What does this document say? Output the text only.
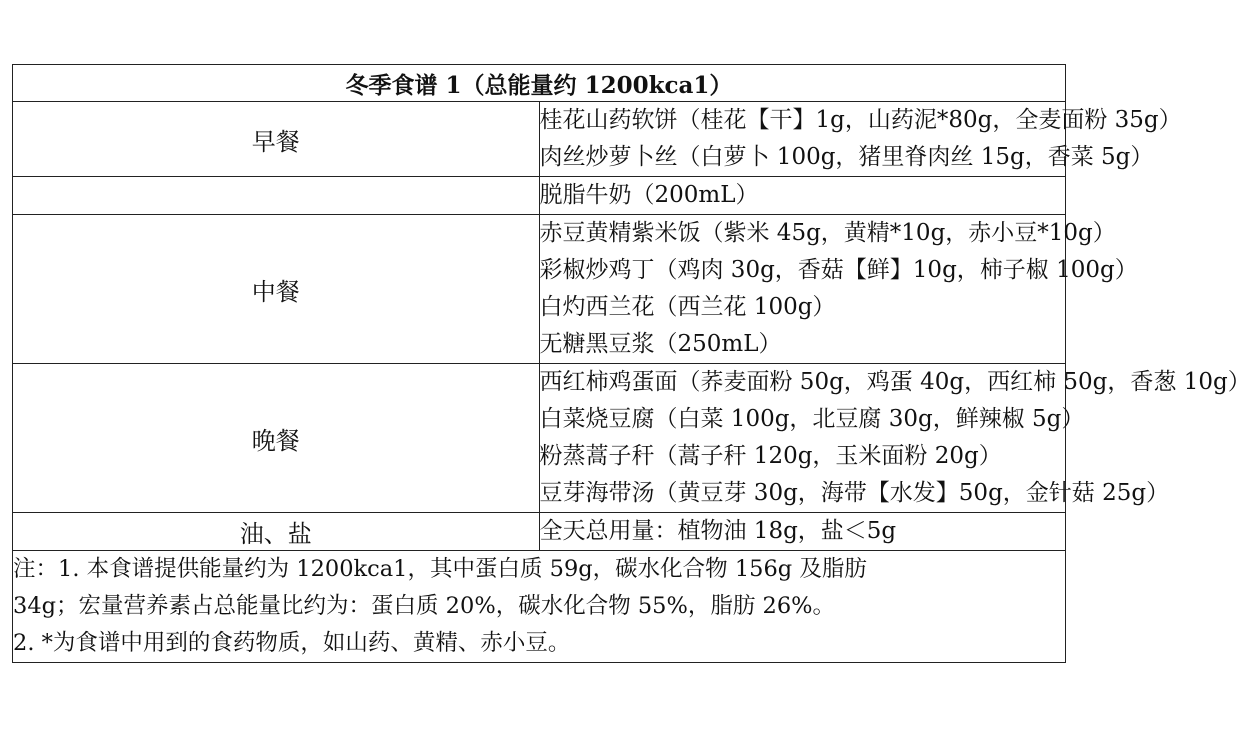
冬季食谱 1（总能量约 1200kca1）	
早餐	桂花山药软饼（桂花【干】1g，山药泥*80g，全麦面粉 35g）
肉丝炒萝卜丝（白萝卜 100g，猪里脊肉丝 15g，香菜 5g）

	脱脂牛奶（200mL）

中餐	赤豆黄精紫米饭（紫米 45g，黄精*10g，赤小豆*10g）
彩椒炒鸡丁（鸡肉 30g，香菇【鲜】10g，柿子椒 100g）
白灼西兰花（西兰花 100g）
无糖黑豆浆（250mL）

晚餐	西红柿鸡蛋面（荞麦面粉 50g，鸡蛋 40g，西红柿 50g，香葱 10g）
白菜烧豆腐（白菜 100g，北豆腐 30g，鲜辣椒 5g）
粉蒸蒿子秆（蒿子秆 120g，玉米面粉 20g）
豆芽海带汤（黄豆芽 30g，海带【水发】50g，金针菇 25g）

油、盐	全天总用量：植物油 18g，盐＜5g

注：1. 本食谱提供能量约为 1200kca1，其中蛋白质 59g，碳水化合物 156g 及脂肪
34g；宏量营养素占总能量比约为：蛋白质 20%，碳水化合物 55%，脂肪 26%。
2. *为食谱中用到的食药物质，如山药、黄精、赤小豆。	
